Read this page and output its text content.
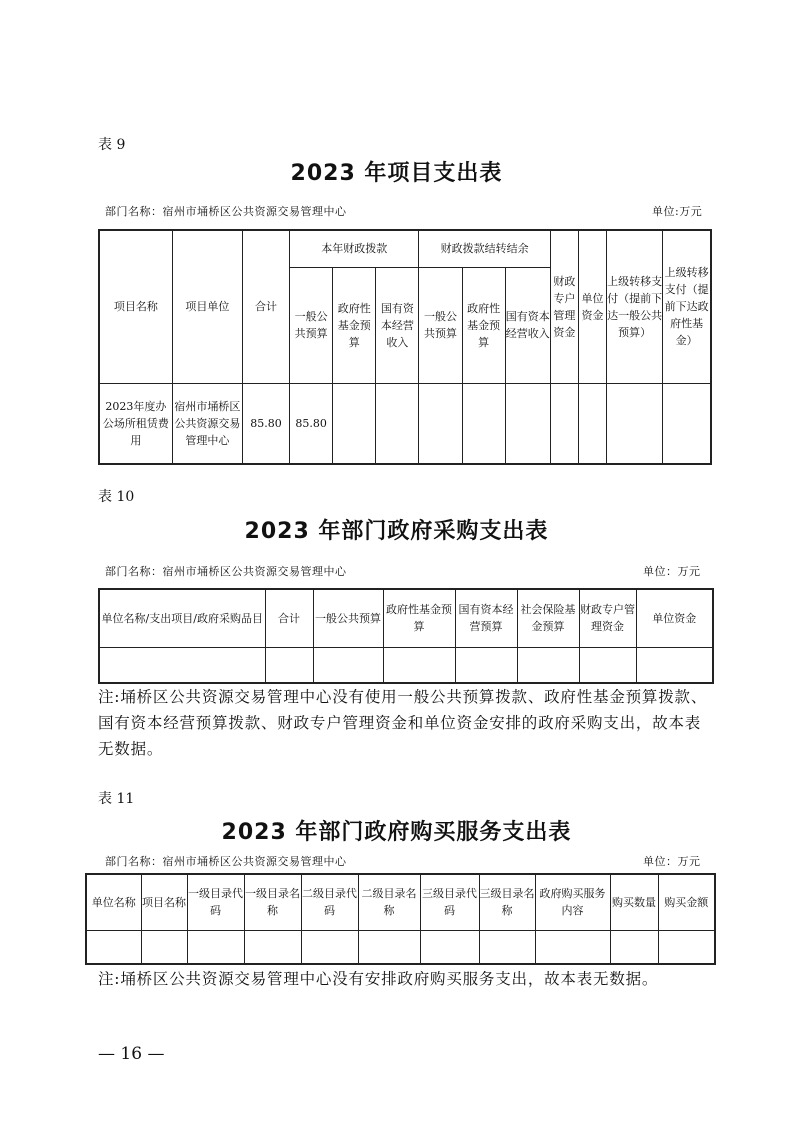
表 9
2023 年项目支出表
部门名称：宿州市埇桥区公共资源交易管理中心	单位:万元
项目名称	项目单位	合计	本年财政拨款			财政拨款结转结余			财政专户管理资金	单位资金	上级转移支付（提前下达一般公共预算）	上级转移支付（提前下达政府性基金）
			一般公共预算	政府性基金预算	国有资本经营收入	一般公共预算	政府性基金预算	国有资本经营收入				
2023年度办公场所租赁费用	宿州市埇桥区公共资源交易管理中心	85.80	85.80									
表 10
2023 年部门政府采购支出表
部门名称：宿州市埇桥区公共资源交易管理中心	单位：万元
单位名称/支出项目/政府采购品目	合计	一般公共预算	政府性基金预算	国有资本经营预算	社会保险基金预算	财政专户管理资金	单位资金

注:埇桥区公共资源交易管理中心没有使用一般公共预算拨款、政府性基金预算拨款、国有资本经营预算拨款、财政专户管理资金和单位资金安排的政府采购支出，故本表无数据。
表 11
2023 年部门政府购买服务支出表
部门名称：宿州市埇桥区公共资源交易管理中心	单位：万元
单位名称	项目名称	一级目录代码	一级目录名称	二级目录代码	二级目录名称	三级目录代码	三级目录名称	政府购买服务内容	购买数量	购买金额

注:埇桥区公共资源交易管理中心没有安排政府购买服务支出，故本表无数据。
— 16 —
